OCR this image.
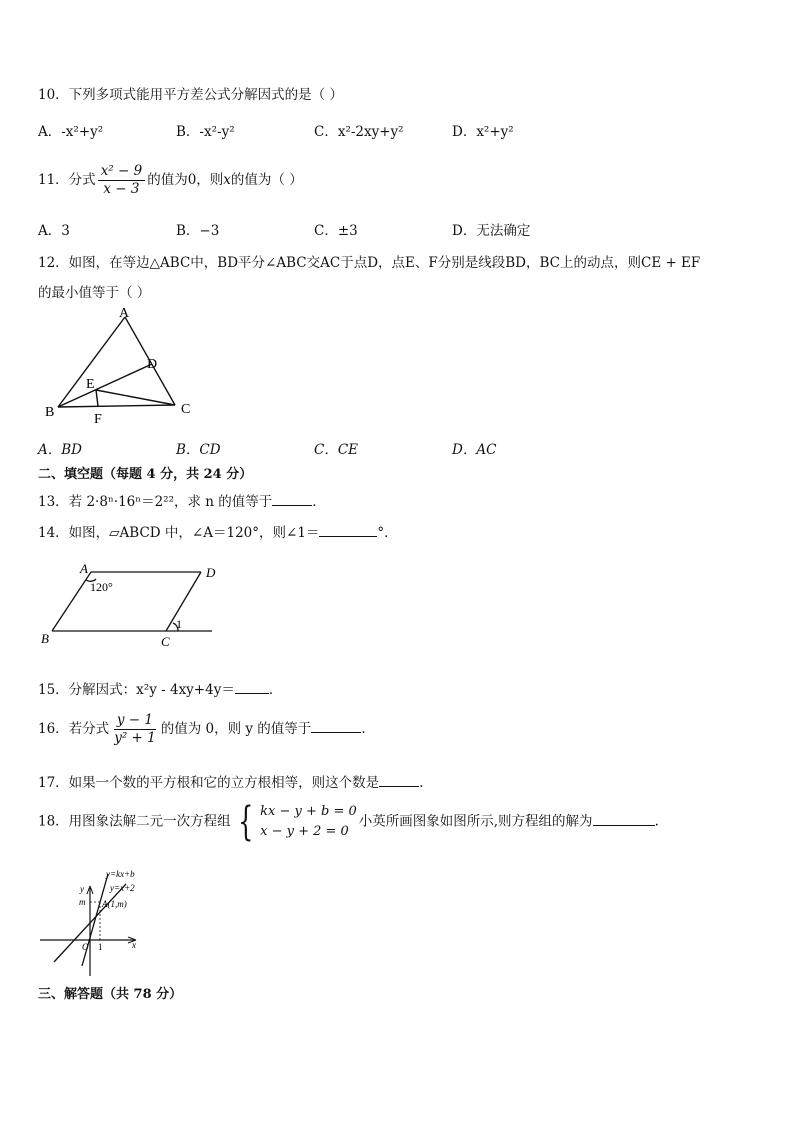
10．下列多项式能用平方差公式分解因式的是（ ）
A．-x²+y²	B．-x²-y²	C．x²-2xy+y²	D．x²+y²
11．分式 $\frac{\text{x² − 9}}{x - 3}$ 的值为0，则x的值为（ ）
A．3	B．−3	C．±3	D．无法确定
12．如图，在等边△ABC中，BD平分∠ABC交AC于点D，点E、F分别是线段BD，BC上的动点，则CE + EF
的最小值等于（ ）
A
B	C
D
E
F
A．BD	B．CD	C．CE	D．AC
二、填空题（每题 4 分，共 24 分）
13．若 2·8ⁿ·16ⁿ＝2²²，求 n 的值等于	．
14．如图，▱ABCD 中，∠A＝120°，则∠1＝	°．
A	D
B	C
120°
1
15．分解因式：x²y - 4xy+4y＝	．
16．若分式 $\frac{y - 1}{\text{y² + 1}}$ 的值为 0，则 y 的值等于	．
17．如果一个数的平方根和它的立方根相等，则这个数是	.
18．用图象法解二元一次方程组 { kx − y + b = 0
x − y + 2 = 0
小英所画图象如图所示,则方程组的解为	.
y=kx+b
y=x+2
A(1,m)
m
y
x
O 1
三、解答题（共 78 分）
